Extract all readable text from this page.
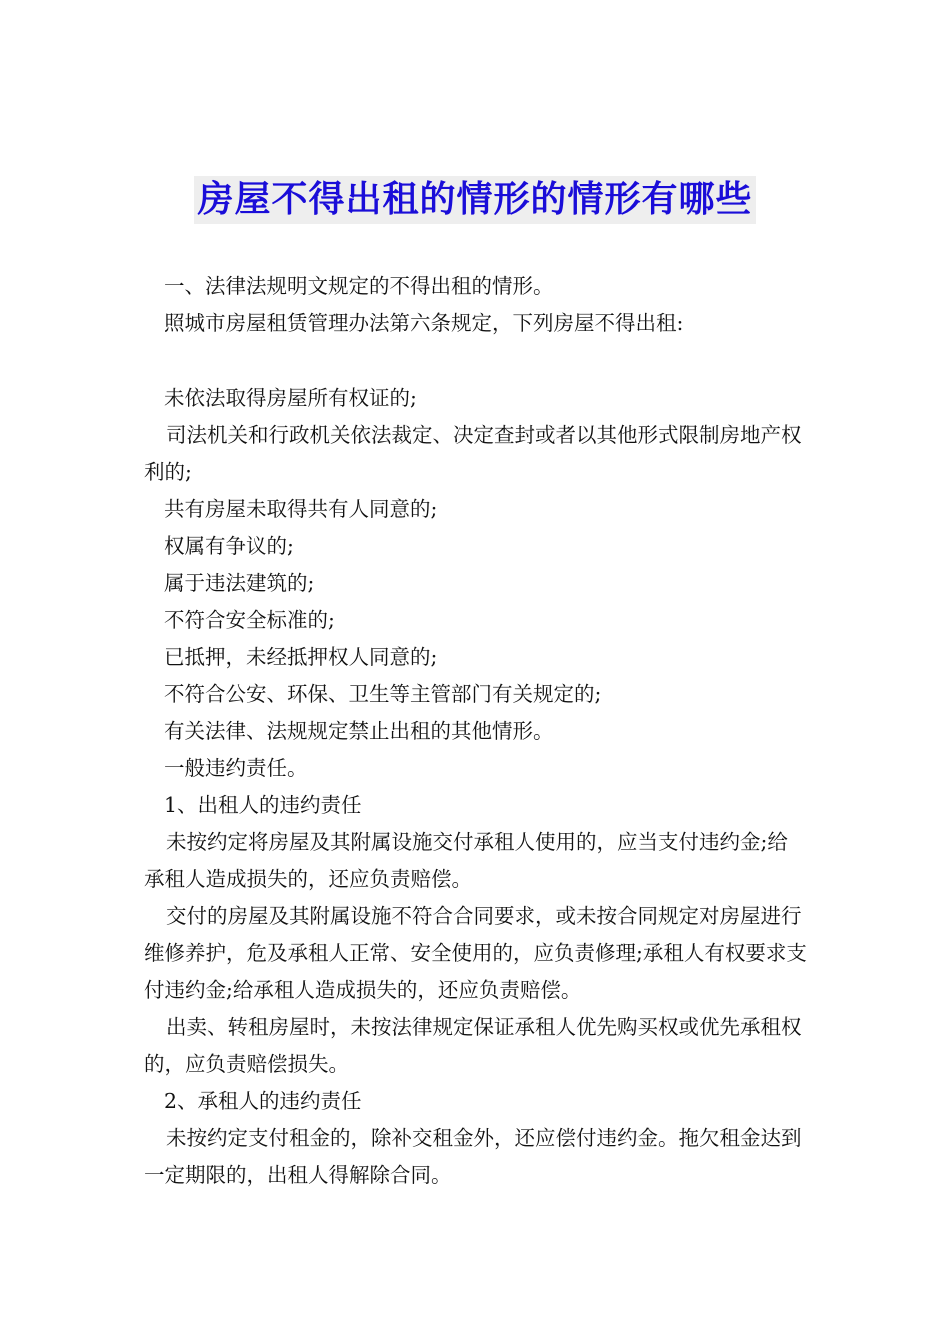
房屋不得出租的情形的情形有哪些

一、法律法规明文规定的不得出租的情形。

照城市房屋租赁管理办法第六条规定，下列房屋不得出租:

未依法取得房屋所有权证的;

司法机关和行政机关依法裁定、决定查封或者以其他形式限制房地产权利的;

共有房屋未取得共有人同意的;

权属有争议的;

属于违法建筑的;

不符合安全标准的;

已抵押，未经抵押权人同意的;

不符合公安、环保、卫生等主管部门有关规定的;

有关法律、法规规定禁止出租的其他情形。

一般违约责任。

1、出租人的违约责任

未按约定将房屋及其附属设施交付承租人使用的，应当支付违约金;给承租人造成损失的，还应负责赔偿。

交付的房屋及其附属设施不符合合同要求，或未按合同规定对房屋进行维修养护，危及承租人正常、安全使用的，应负责修理;承租人有权要求支付违约金;给承租人造成损失的，还应负责赔偿。

出卖、转租房屋时，未按法律规定保证承租人优先购买权或优先承租权的，应负责赔偿损失。

2、承租人的违约责任

未按约定支付租金的，除补交租金外，还应偿付违约金。拖欠租金达到一定期限的，出租人得解除合同。
